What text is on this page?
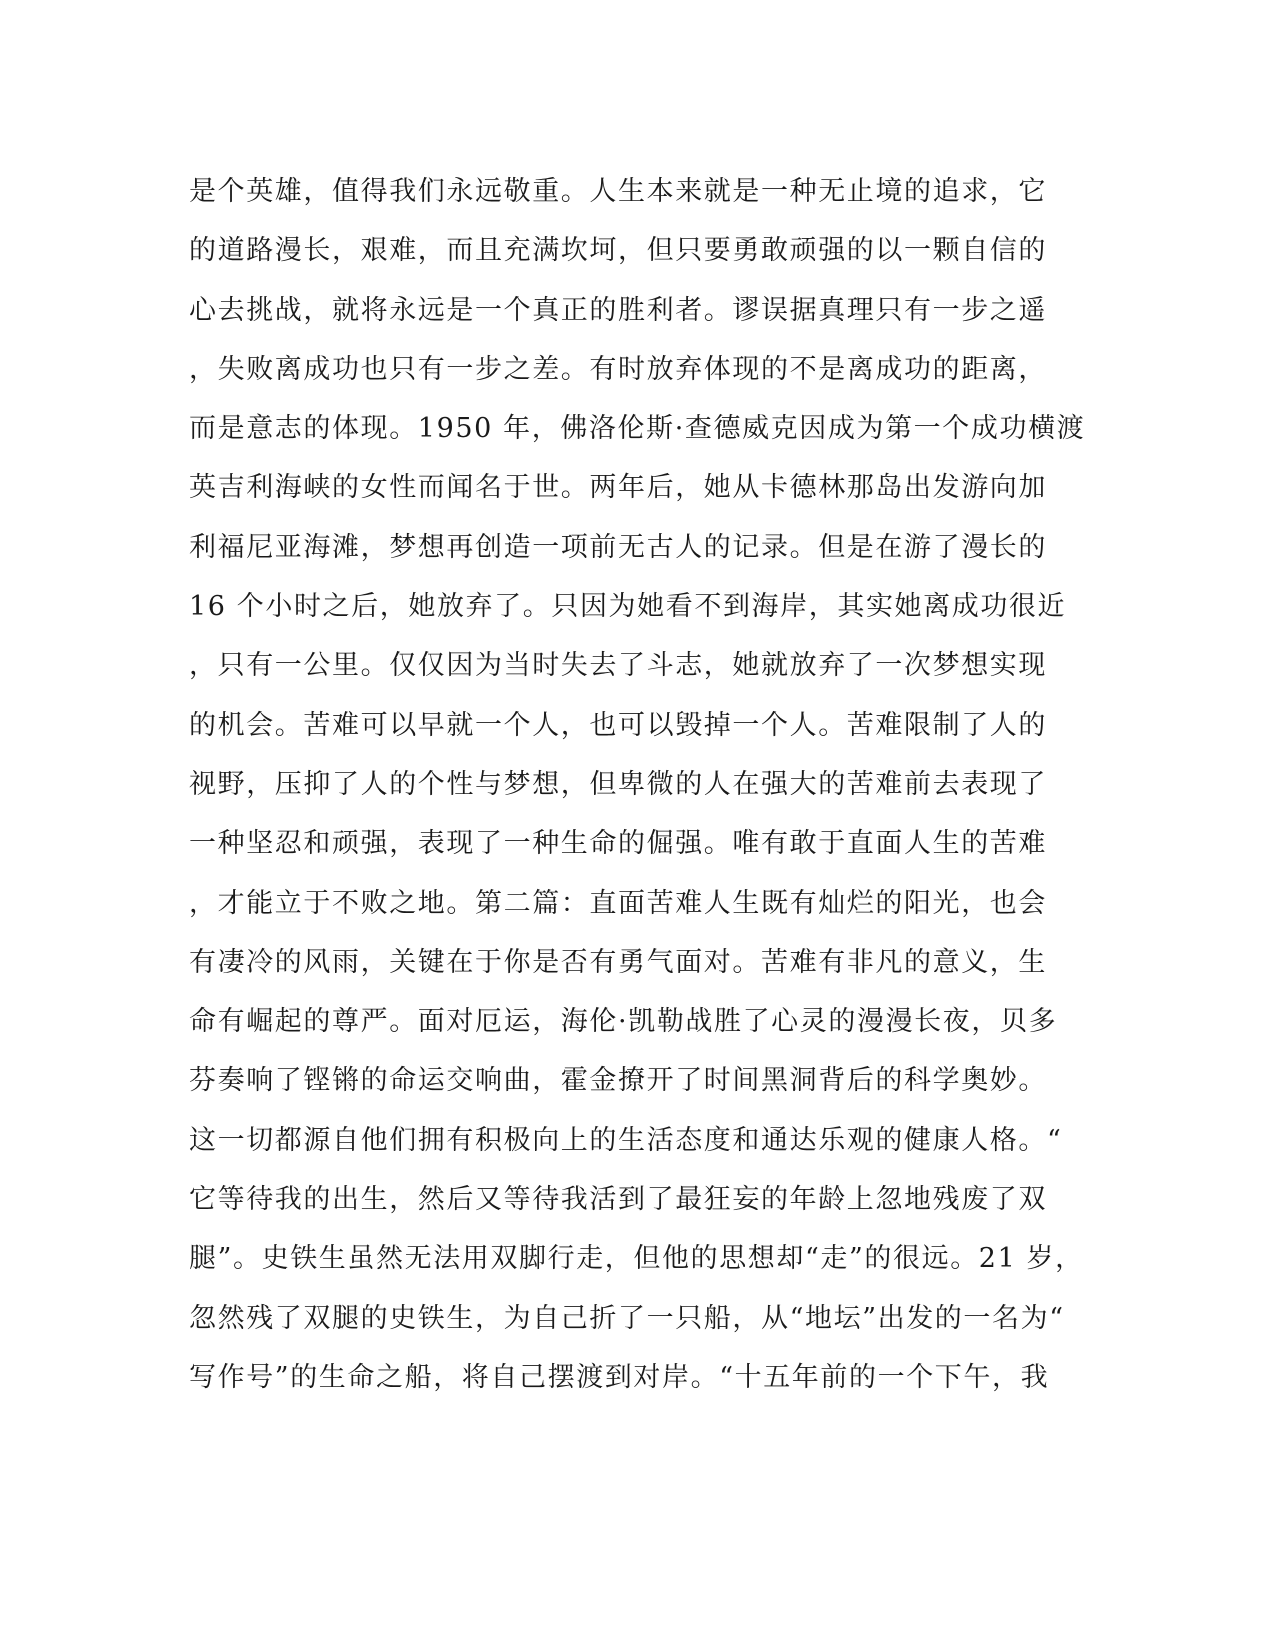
是个英雄，值得我们永远敬重。人生本来就是一种无止境的追求，它
的道路漫长，艰难，而且充满坎坷，但只要勇敢顽强的以一颗自信的
心去挑战，就将永远是一个真正的胜利者。谬误据真理只有一步之遥
，失败离成功也只有一步之差。有时放弃体现的不是离成功的距离，
而是意志的体现。1950 年，佛洛伦斯·查德威克因成为第一个成功横渡
英吉利海峡的女性而闻名于世。两年后，她从卡德林那岛出发游向加
利福尼亚海滩，梦想再创造一项前无古人的记录。但是在游了漫长的
16 个小时之后，她放弃了。只因为她看不到海岸，其实她离成功很近
，只有一公里。仅仅因为当时失去了斗志，她就放弃了一次梦想实现
的机会。苦难可以早就一个人，也可以毁掉一个人。苦难限制了人的
视野，压抑了人的个性与梦想，但卑微的人在强大的苦难前去表现了
一种坚忍和顽强，表现了一种生命的倔强。唯有敢于直面人生的苦难
，才能立于不败之地。第二篇：直面苦难人生既有灿烂的阳光，也会
有凄冷的风雨，关键在于你是否有勇气面对。苦难有非凡的意义，生
命有崛起的尊严。面对厄运，海伦·凯勒战胜了心灵的漫漫长夜，贝多
芬奏响了铿锵的命运交响曲，霍金撩开了时间黑洞背后的科学奥妙。
这一切都源自他们拥有积极向上的生活态度和通达乐观的健康人格。“
它等待我的出生，然后又等待我活到了最狂妄的年龄上忽地残废了双
腿”。史铁生虽然无法用双脚行走，但他的思想却“走”的很远。21 岁，
忽然残了双腿的史铁生，为自己折了一只船，从“地坛”出发的一名为“
写作号”的生命之船，将自己摆渡到对岸。“十五年前的一个下午，我
